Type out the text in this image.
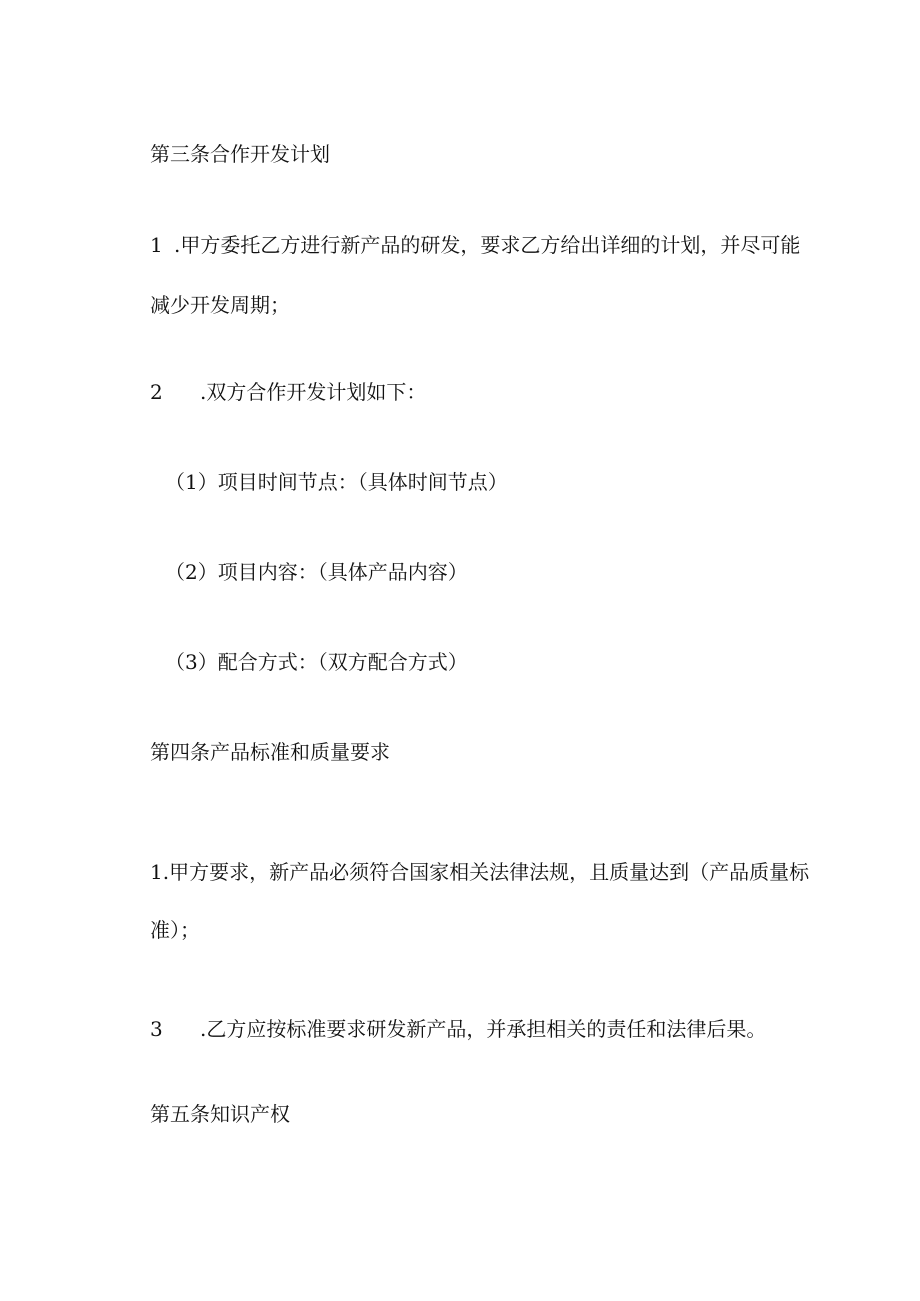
第三条合作开发计划
1 .甲方委托乙方进行新产品的研发，要求乙方给出详细的计划，并尽可能
减少开发周期；
2 .双方合作开发计划如下：
（1）项目时间节点：（具体时间节点）
（2）项目内容：（具体产品内容）
（3）配合方式：（双方配合方式）
第四条产品标准和质量要求
1.甲方要求，新产品必须符合国家相关法律法规，且质量达到（产品质量标
准）；
3 .乙方应按标准要求研发新产品，并承担相关的责任和法律后果。
第五条知识产权
